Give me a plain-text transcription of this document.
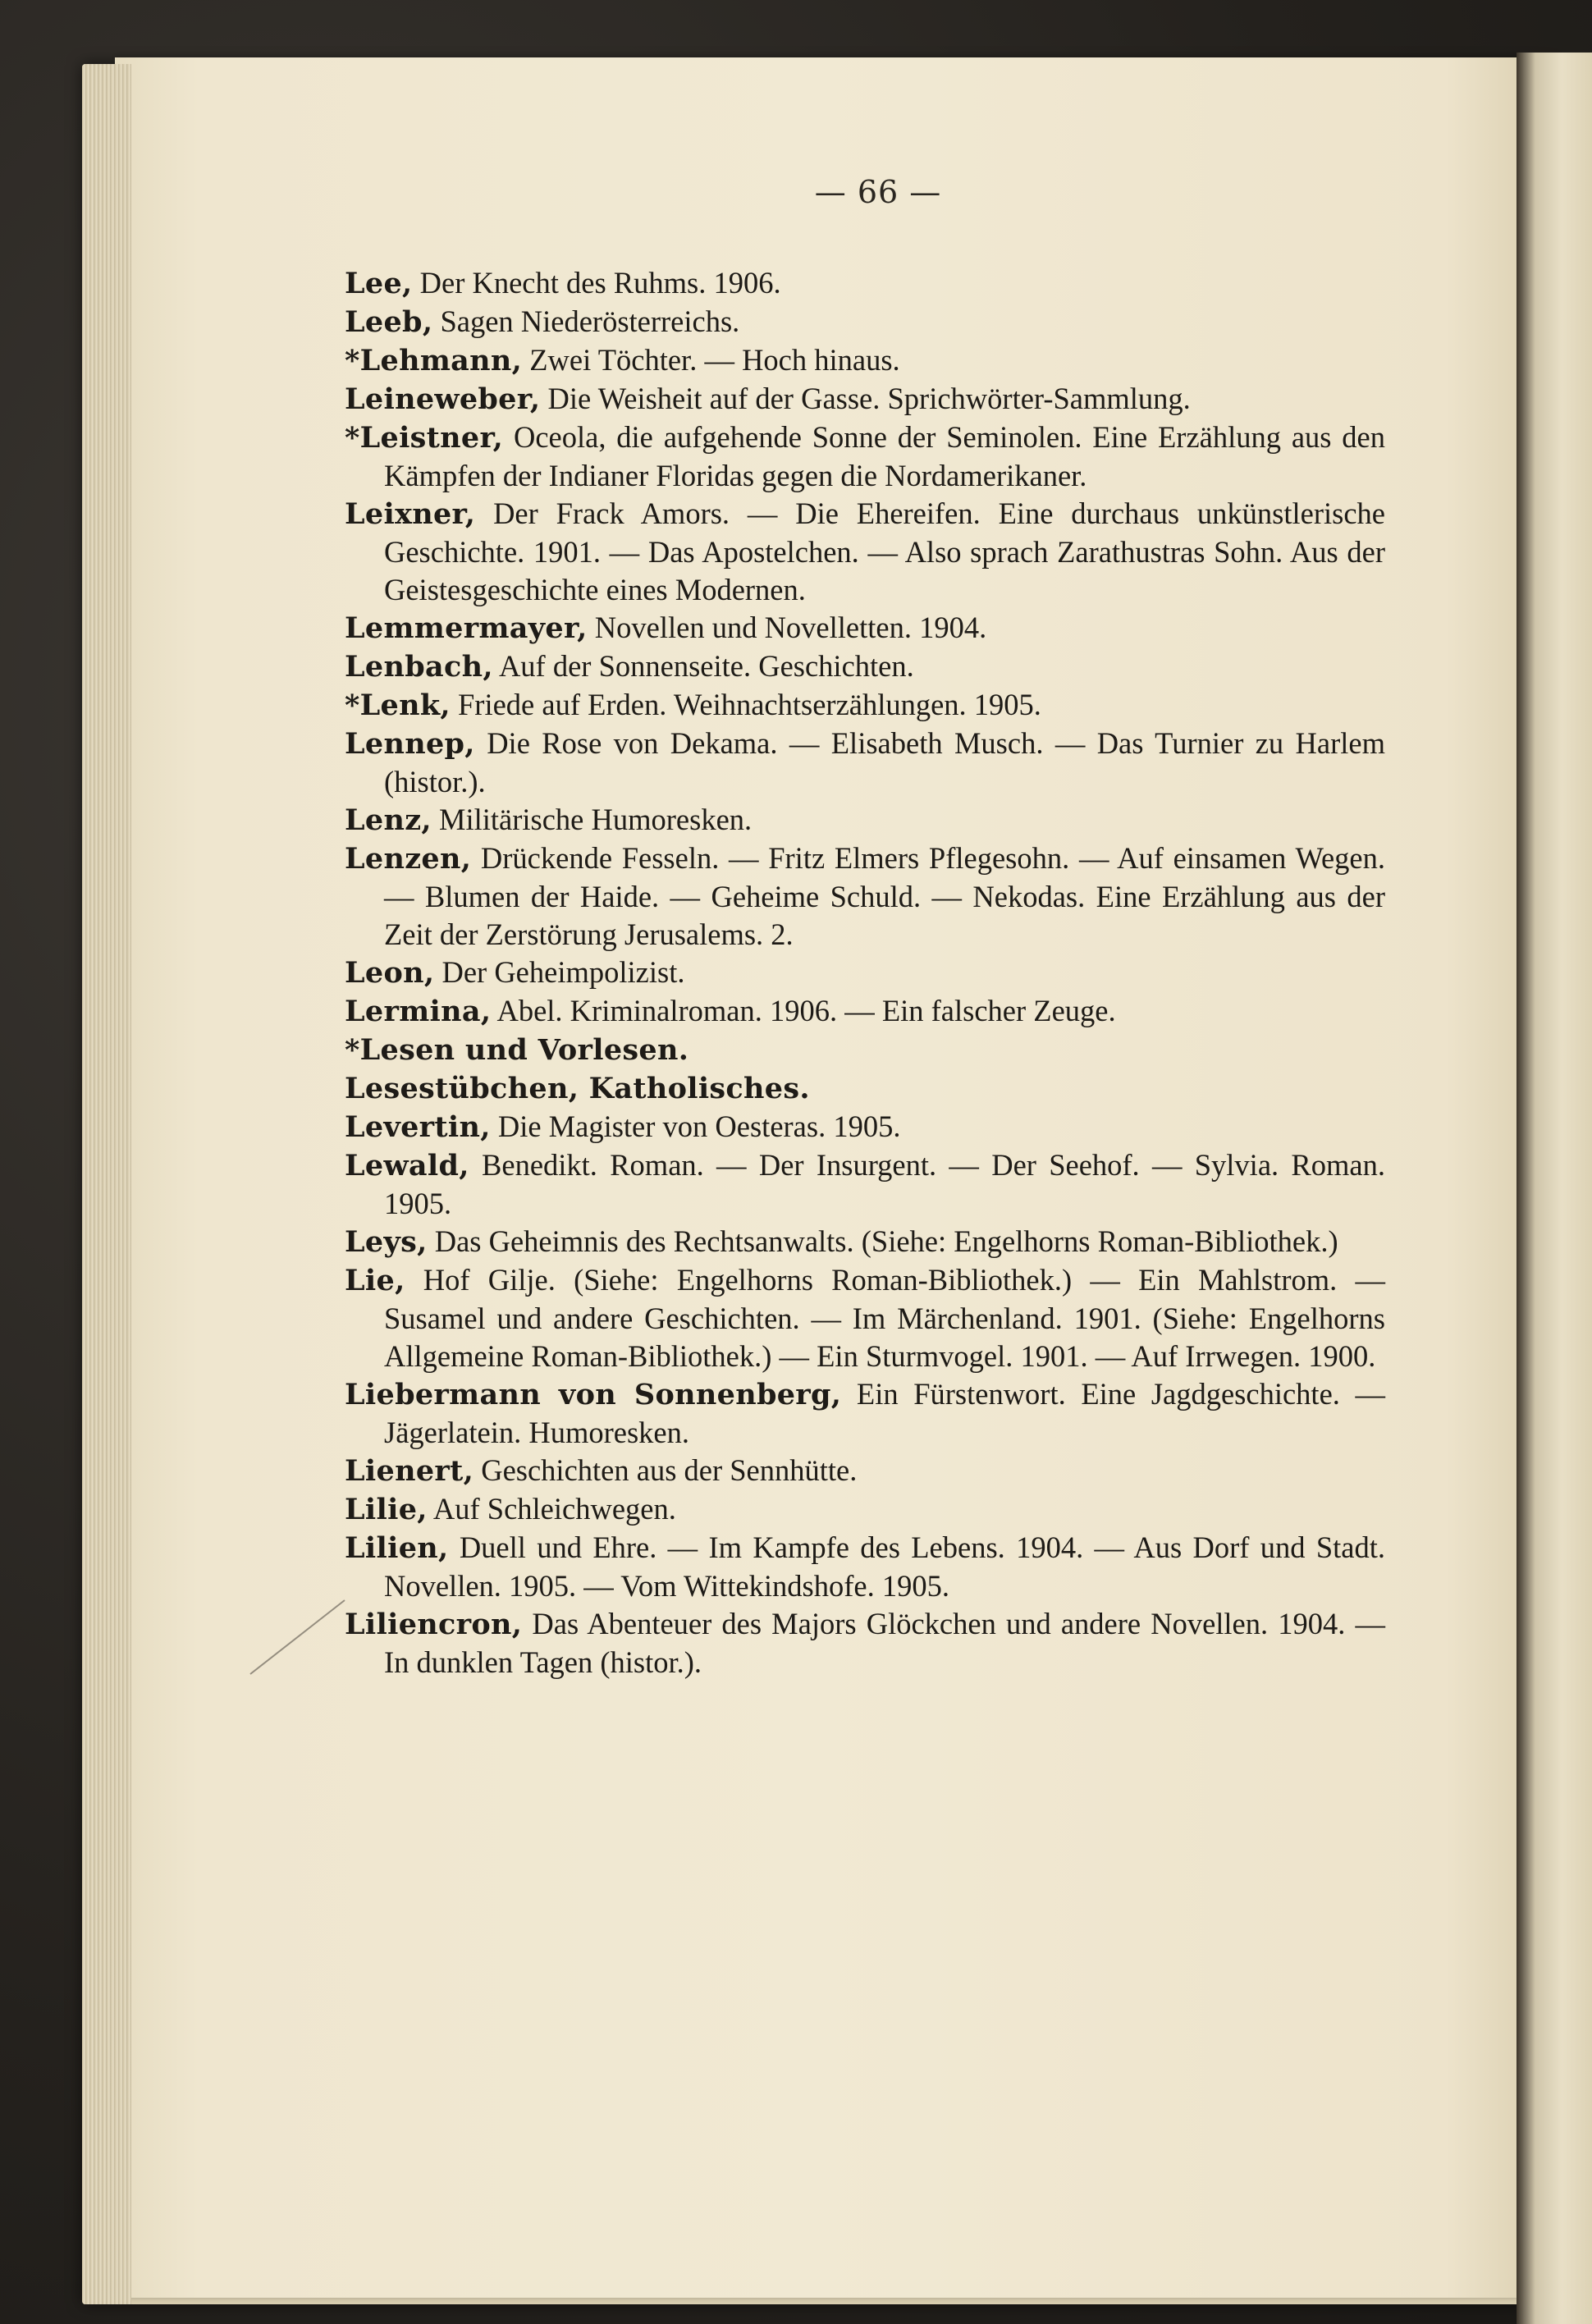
— 66 —

Lee, Der Knecht des Ruhms. 1906.

Leeb, Sagen Niederösterreichs.

*Lehmann, Zwei Töchter. — Hoch hinaus.

Leineweber, Die Weisheit auf der Gasse. Sprichwörter-Sammlung.

*Leistner, Oceola, die aufgehende Sonne der Seminolen. Eine Erzählung aus den Kämpfen der Indianer Floridas gegen die Nordamerikaner.

Leixner, Der Frack Amors. — Die Ehereifen. Eine durchaus unkünstlerische Geschichte. 1901. — Das Apostelchen. — Also sprach Zarathustras Sohn. Aus der Geistesgeschichte eines Modernen.

Lemmermayer, Novellen und Novelletten. 1904.

Lenbach, Auf der Sonnenseite. Geschichten.

*Lenk, Friede auf Erden. Weihnachtserzählungen. 1905.

Lennep, Die Rose von Dekama. — Elisabeth Musch. — Das Turnier zu Harlem (histor.).

Lenz, Militärische Humoresken.

Lenzen, Drückende Fesseln. — Fritz Elmers Pflegesohn. — Auf einsamen Wegen. — Blumen der Haide. — Geheime Schuld. — Nekodas. Eine Erzählung aus der Zeit der Zerstörung Jerusalems. 2.

Leon, Der Geheimpolizist.

Lermina, Abel. Kriminalroman. 1906. — Ein falscher Zeuge.

*Lesen und Vorlesen.

Lesestübchen, Katholisches.

Levertin, Die Magister von Oesteras. 1905.

Lewald, Benedikt. Roman. — Der Insurgent. — Der Seehof. — Sylvia. Roman. 1905.

Leys, Das Geheimnis des Rechtsanwalts. (Siehe: Engelhorns Roman-Bibliothek.)

Lie, Hof Gilje. (Siehe: Engelhorns Roman-Bibliothek.) — Ein Mahlstrom. — Susamel und andere Geschichten. — Im Märchenland. 1901. (Siehe: Engelhorns Allgemeine Roman-Bibliothek.) — Ein Sturmvogel. 1901. — Auf Irrwegen. 1900.

Liebermann von Sonnenberg, Ein Fürstenwort. Eine Jagdgeschichte. — Jägerlatein. Humoresken.

Lienert, Geschichten aus der Sennhütte.

Lilie, Auf Schleichwegen.

Lilien, Duell und Ehre. — Im Kampfe des Lebens. 1904. — Aus Dorf und Stadt. Novellen. 1905. — Vom Wittekindshofe. 1905.

Liliencron, Das Abenteuer des Majors Glöckchen und andere Novellen. 1904. — In dunklen Tagen (histor.).
